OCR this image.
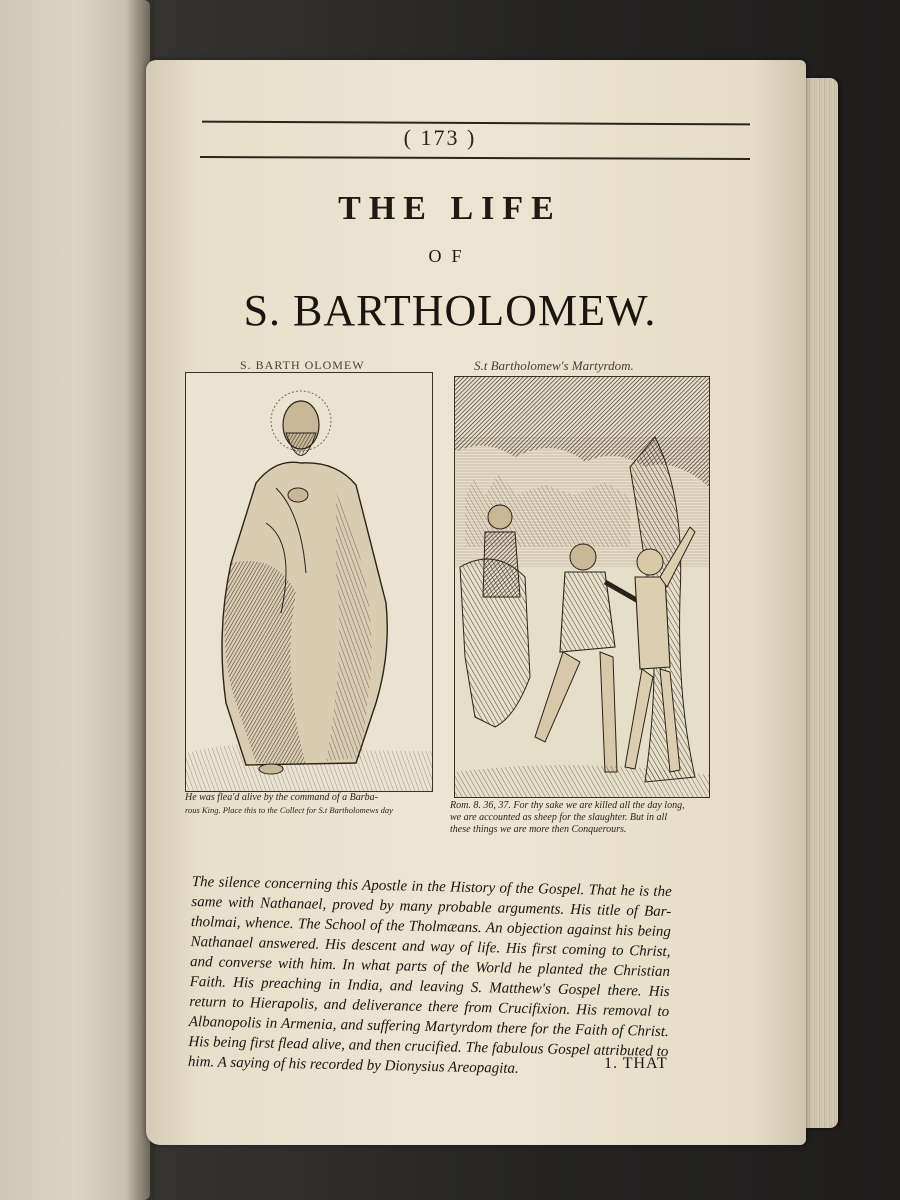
( 173 )
THE LIFE
OF
S. BARTHOLOMEW.
S. BARTH OLOMEW
He was flea'd alive by the command of a Barba-
rous King. Place this to the Collect for S.t Bartholomews day
S.t Bartholomew's Martyrdom.
Rom. 8. 36, 37. For thy sake we are killed all the day long,
we are accounted as sheep for the slaughter. But in all
these things we are more then Conquerours.
The silence concerning this Apostle in the History of the Gospel. That he is the same with Nathanael, proved by many probable arguments. His title of Bar-tholmai, whence. The School of the Tholmæans. An objection against his being Nathanael answered. His descent and way of life. His first coming to Christ, and converse with him. In what parts of the World he planted the Christian Faith. His preaching in India, and leaving S. Matthew's Gospel there. His return to Hierapolis, and deliverance there from Crucifixion. His removal to Albanopolis in Armenia, and suffering Martyrdom there for the Faith of Christ. His being first flead alive, and then crucified. The fabulous Gospel attributed to him. A saying of his recorded by Dionysius Areopagita.	1. THAT
